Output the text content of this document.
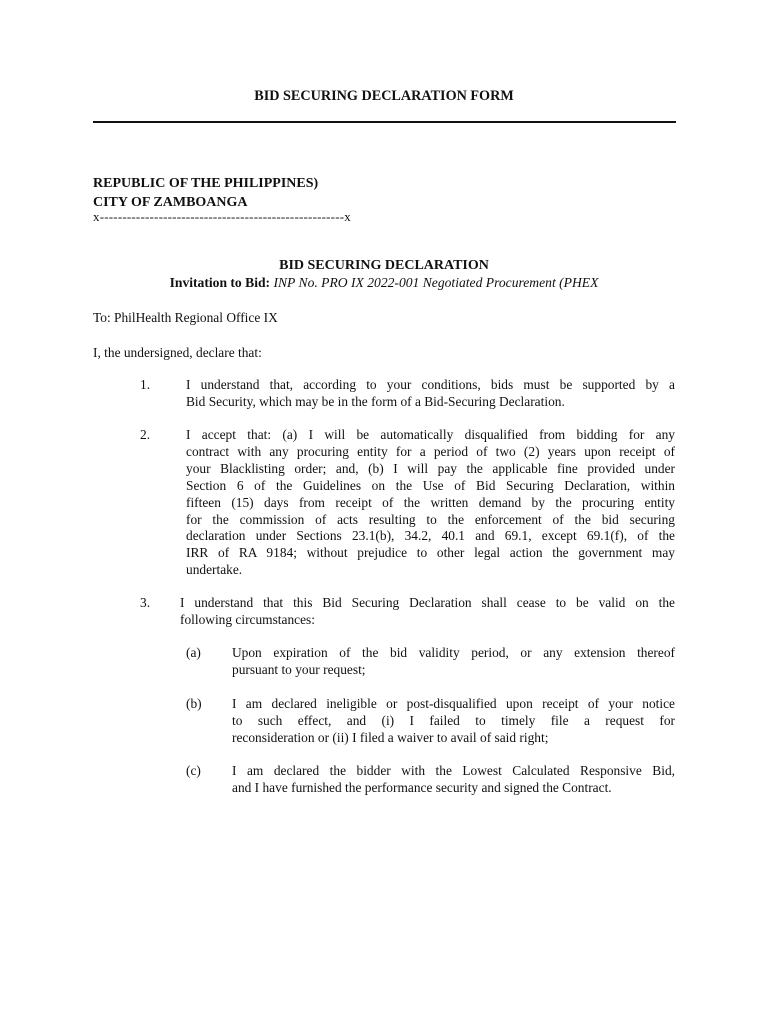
BID SECURING DECLARATION FORM
REPUBLIC OF THE PHILIPPINES)
CITY OF ZAMBOANGA
x------------------------------------------------------x
BID SECURING DECLARATION
Invitation to Bid: INP No. PRO IX 2022-001 Negotiated Procurement (PHEX
To: PhilHealth Regional Office IX
I, the undersigned, declare that:
1.	I understand that, according to your conditions, bids must be supported by a
Bid Security, which may be in the form of a Bid-Securing Declaration.
2.	I accept that: (a) I will be automatically disqualified from bidding for any
contract with any procuring entity for a period of two (2) years upon receipt of
your Blacklisting order; and, (b) I will pay the applicable fine provided under
Section 6 of the Guidelines on the Use of Bid Securing Declaration, within
fifteen (15) days from receipt of the written demand by the procuring entity
for the commission of acts resulting to the enforcement of the bid securing
declaration under Sections 23.1(b), 34.2, 40.1 and 69.1, except 69.1(f), of the
IRR of RA 9184; without prejudice to other legal action the government may
undertake.
3. I understand that this Bid Securing Declaration shall cease to be valid on the
following circumstances:
(a) Upon expiration of the bid validity period, or any extension thereof
pursuant to your request;
(b) I am declared ineligible or post-disqualified upon receipt of your notice
to such effect, and (i) I failed to timely file a request for
reconsideration or (ii) I filed a waiver to avail of said right;
(c) I am declared the bidder with the Lowest Calculated Responsive Bid,
and I have furnished the performance security and signed the Contract.
